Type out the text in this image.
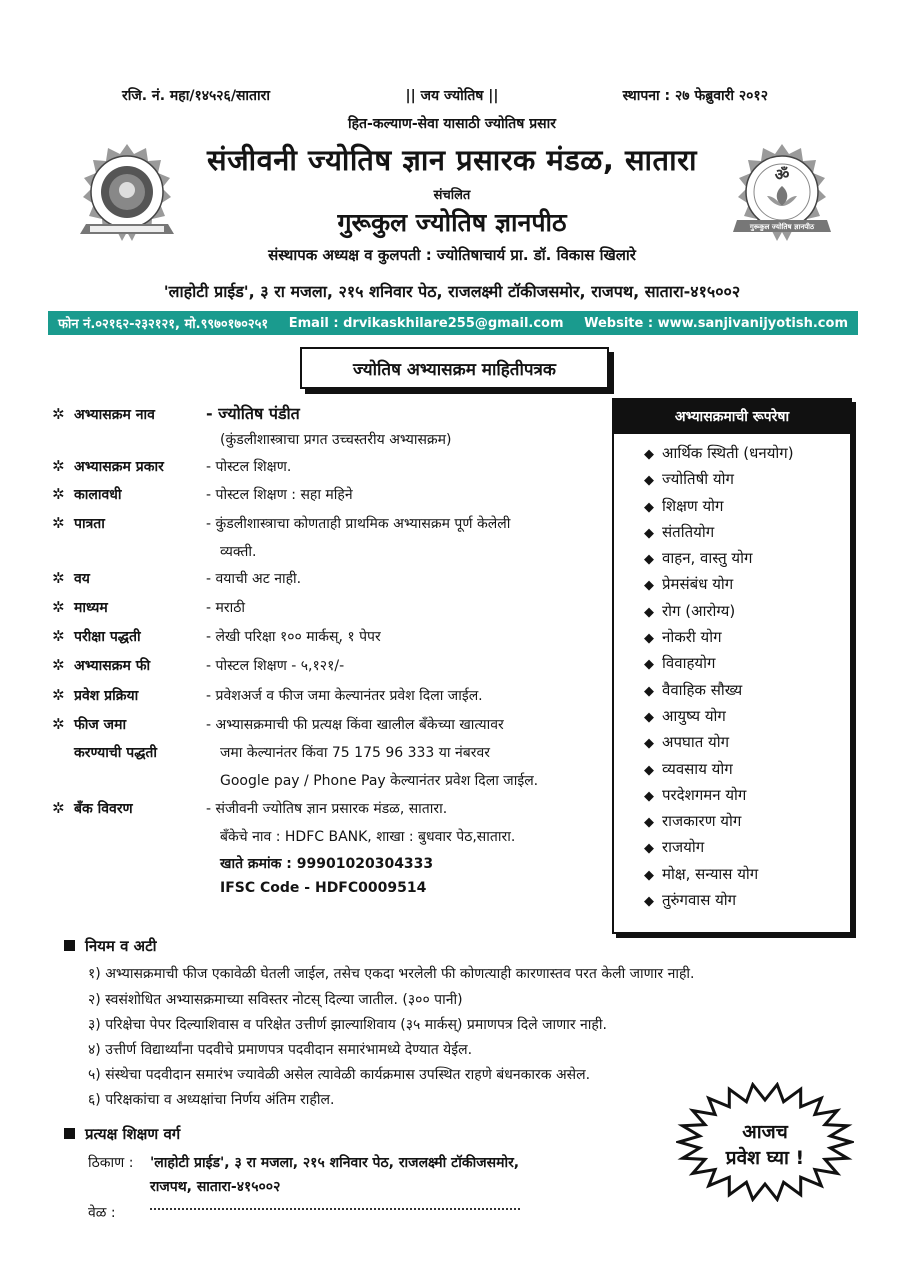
रजि. नं. महा/१४५२६/सातारा	|| जय ज्योतिष ||	स्थापना : २७ फेब्रुवारी २०१२
हित-कल्याण-सेवा यासाठी ज्योतिष प्रसार
संजीवनी ज्योतिष ज्ञान प्रसारक मंडळ, सातारा
संचलित
गुरूकुल ज्योतिष ज्ञानपीठ
संस्थापक अध्यक्ष व कुलपती : ज्योतिषाचार्य प्रा. डॉ. विकास खिलारे
'लाहोटी प्राईड', ३ रा मजला, २१५ शनिवार पेठ, राजलक्ष्मी टॉकीजसमोर, राजपथ, सातारा-४१५००२
ॐ
गुरूकुल ज्योतिष ज्ञानपीठ
फोन नं.०२१६२-२३२१२१, मो.९९७०१७०२५१ Email : drvikaskhilare255@gmail.com Website : www.sanjivanijyotish.com
ज्योतिष अभ्यासक्रम माहितीपत्रक
✲ अभ्यासक्रम नाव	- ज्योतिष पंडीत
(कुंडलीशास्त्राचा प्रगत उच्चस्तरीय अभ्यासक्रम)
✲ अभ्यासक्रम प्रकार	- पोस्टल शिक्षण.
✲ कालावधी	- पोस्टल शिक्षण : सहा महिने
✲ पात्रता	- कुंडलीशास्त्राचा कोणताही प्राथमिक अभ्यासक्रम पूर्ण केलेली
व्यक्ती.
✲ वय	- वयाची अट नाही.
✲ माध्यम	- मराठी
✲ परीक्षा पद्धती	- लेखी परिक्षा १०० मार्कस्, १ पेपर
✲ अभ्यासक्रम फी	- पोस्टल शिक्षण - ५,१२१/-
✲ प्रवेश प्रक्रिया	- प्रवेशअर्ज व फीज जमा केल्यानंतर प्रवेश दिला जाईल.
✲ फीज जमा	- अभ्यासक्रमाची फी प्रत्यक्ष किंवा खालील बँकेच्या खात्यावर
करण्याची पद्धती	जमा केल्यानंतर किंवा 75 175 96 333 या नंबरवर
Google pay / Phone Pay केल्यानंतर प्रवेश दिला जाईल.
✲ बँक विवरण	- संजीवनी ज्योतिष ज्ञान प्रसारक मंडळ, सातारा.
बँकेचे नाव : HDFC BANK, शाखा : बुधवार पेठ,सातारा.
खाते क्रमांक : 99901020304333
IFSC Code - HDFC0009514
अभ्यासक्रमाची रूपरेषा
◆ आर्थिक स्थिती (धनयोग)
◆ ज्योतिषी योग
◆ शिक्षण योग
◆ संततियोग
◆ वाहन, वास्तु योग
◆ प्रेमसंबंध योग
◆ रोग (आरोग्य)
◆ नोकरी योग
◆ विवाहयोग
◆ वैवाहिक सौख्य
◆ आयुष्य योग
◆ अपघात योग
◆ व्यवसाय योग
◆ परदेशगमन योग
◆ राजकारण योग
◆ राजयोग
◆ मोक्ष, सन्यास योग
◆ तुरुंगवास योग
नियम व अटी
१) अभ्यासक्रमाची फीज एकावेळी घेतली जाईल, तसेच एकदा भरलेली फी कोणत्याही कारणास्तव परत केली जाणार नाही.
२) स्वसंशोधित अभ्यासक्रमाच्या सविस्तर नोटस् दिल्या जातील. (३०० पानी)
३) परिक्षेचा पेपर दिल्याशिवास व परिक्षेत उत्तीर्ण झाल्याशिवाय (३५ मार्कस्) प्रमाणपत्र दिले जाणार नाही.
४) उत्तीर्ण विद्यार्थ्यांना पदवीचे प्रमाणपत्र पदवीदान समारंभामध्ये देण्यात येईल.
५) संस्थेचा पदवीदान समारंभ ज्यावेळी असेल त्यावेळी कार्यक्रमास उपस्थित राहणे बंधनकारक असेल.
६) परिक्षकांचा व अध्यक्षांचा निर्णय अंतिम राहील.
प्रत्यक्ष शिक्षण वर्ग
ठिकाण : 'लाहोटी प्राईड', ३ रा मजला, २१५ शनिवार पेठ, राजलक्ष्मी टॉकीजसमोर,
राजपथ, सातारा-४१५००२
वेळ :
आजच
प्रवेश घ्या !
